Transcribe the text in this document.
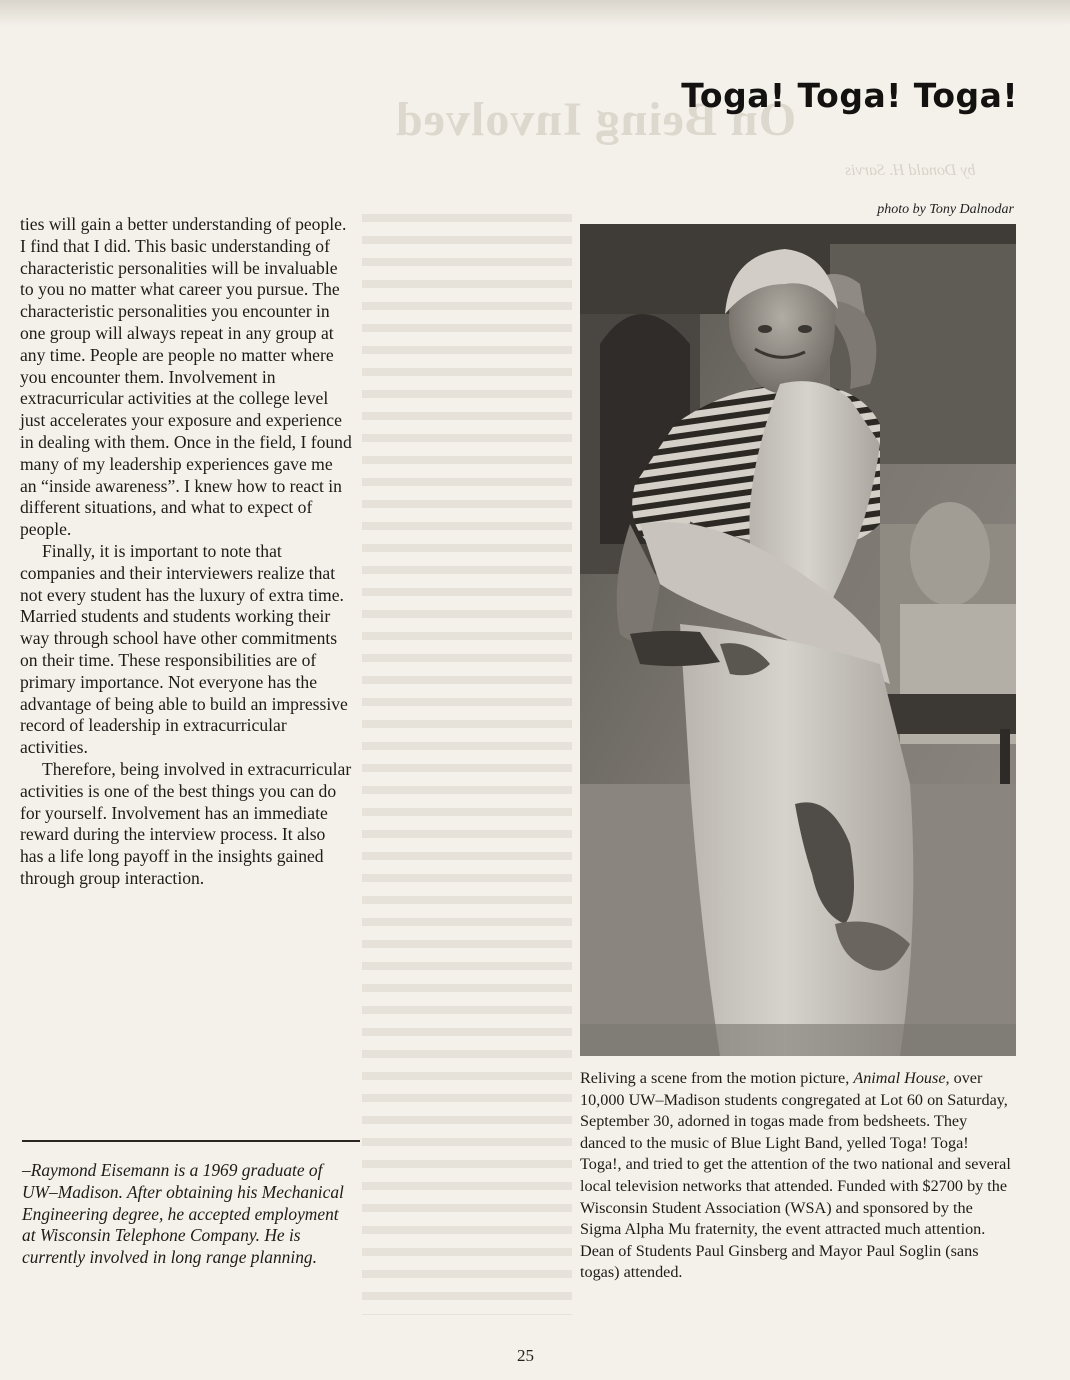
On Being Involved
by Donald H. Sarvis
Toga! Toga! Toga!
photo by Tony Dalnodar

ties will gain a better understanding of people. I find that I did. This basic understanding of characteristic personalities will be invaluable to you no matter what career you pursue. The characteristic personalities you encounter in one group will always repeat in any group at any time. People are people no matter where you encounter them. Involvement in extracurricular activities at the college level just accelerates your exposure and experience in dealing with them. Once in the field, I found many of my leadership experiences gave me an “inside awareness”. I knew how to react in different situations, and what to expect of people.

Finally, it is important to note that companies and their interviewers realize that not every student has the luxury of extra time. Married students and students working their way through school have other commitments on their time. These responsibilities are of primary importance. Not everyone has the advantage of being able to build an impressive record of leadership in extracurricular activities.

Therefore, being involved in extracurricular activities is one of the best things you can do for yourself. Involvement has an immediate reward during the interview process. It also has a life long payoff in the insights gained through group interaction.

–Raymond Eisemann is a 1969 graduate of UW–Madison. After obtaining his Mechanical Engineering degree, he accepted employment at Wisconsin Telephone Company. He is currently involved in long range planning.

Reliving a scene from the motion picture, Animal House, over 10,000 UW–Madison students congregated at Lot 60 on Saturday, September 30, adorned in togas made from bedsheets. They danced to the music of Blue Light Band, yelled Toga! Toga! Toga!, and tried to get the attention of the two national and several local television networks that attended. Funded with $2700 by the Wisconsin Student Association (WSA) and sponsored by the Sigma Alpha Mu fraternity, the event attracted much attention. Dean of Students Paul Ginsberg and Mayor Paul Soglin (sans togas) attended.

25
